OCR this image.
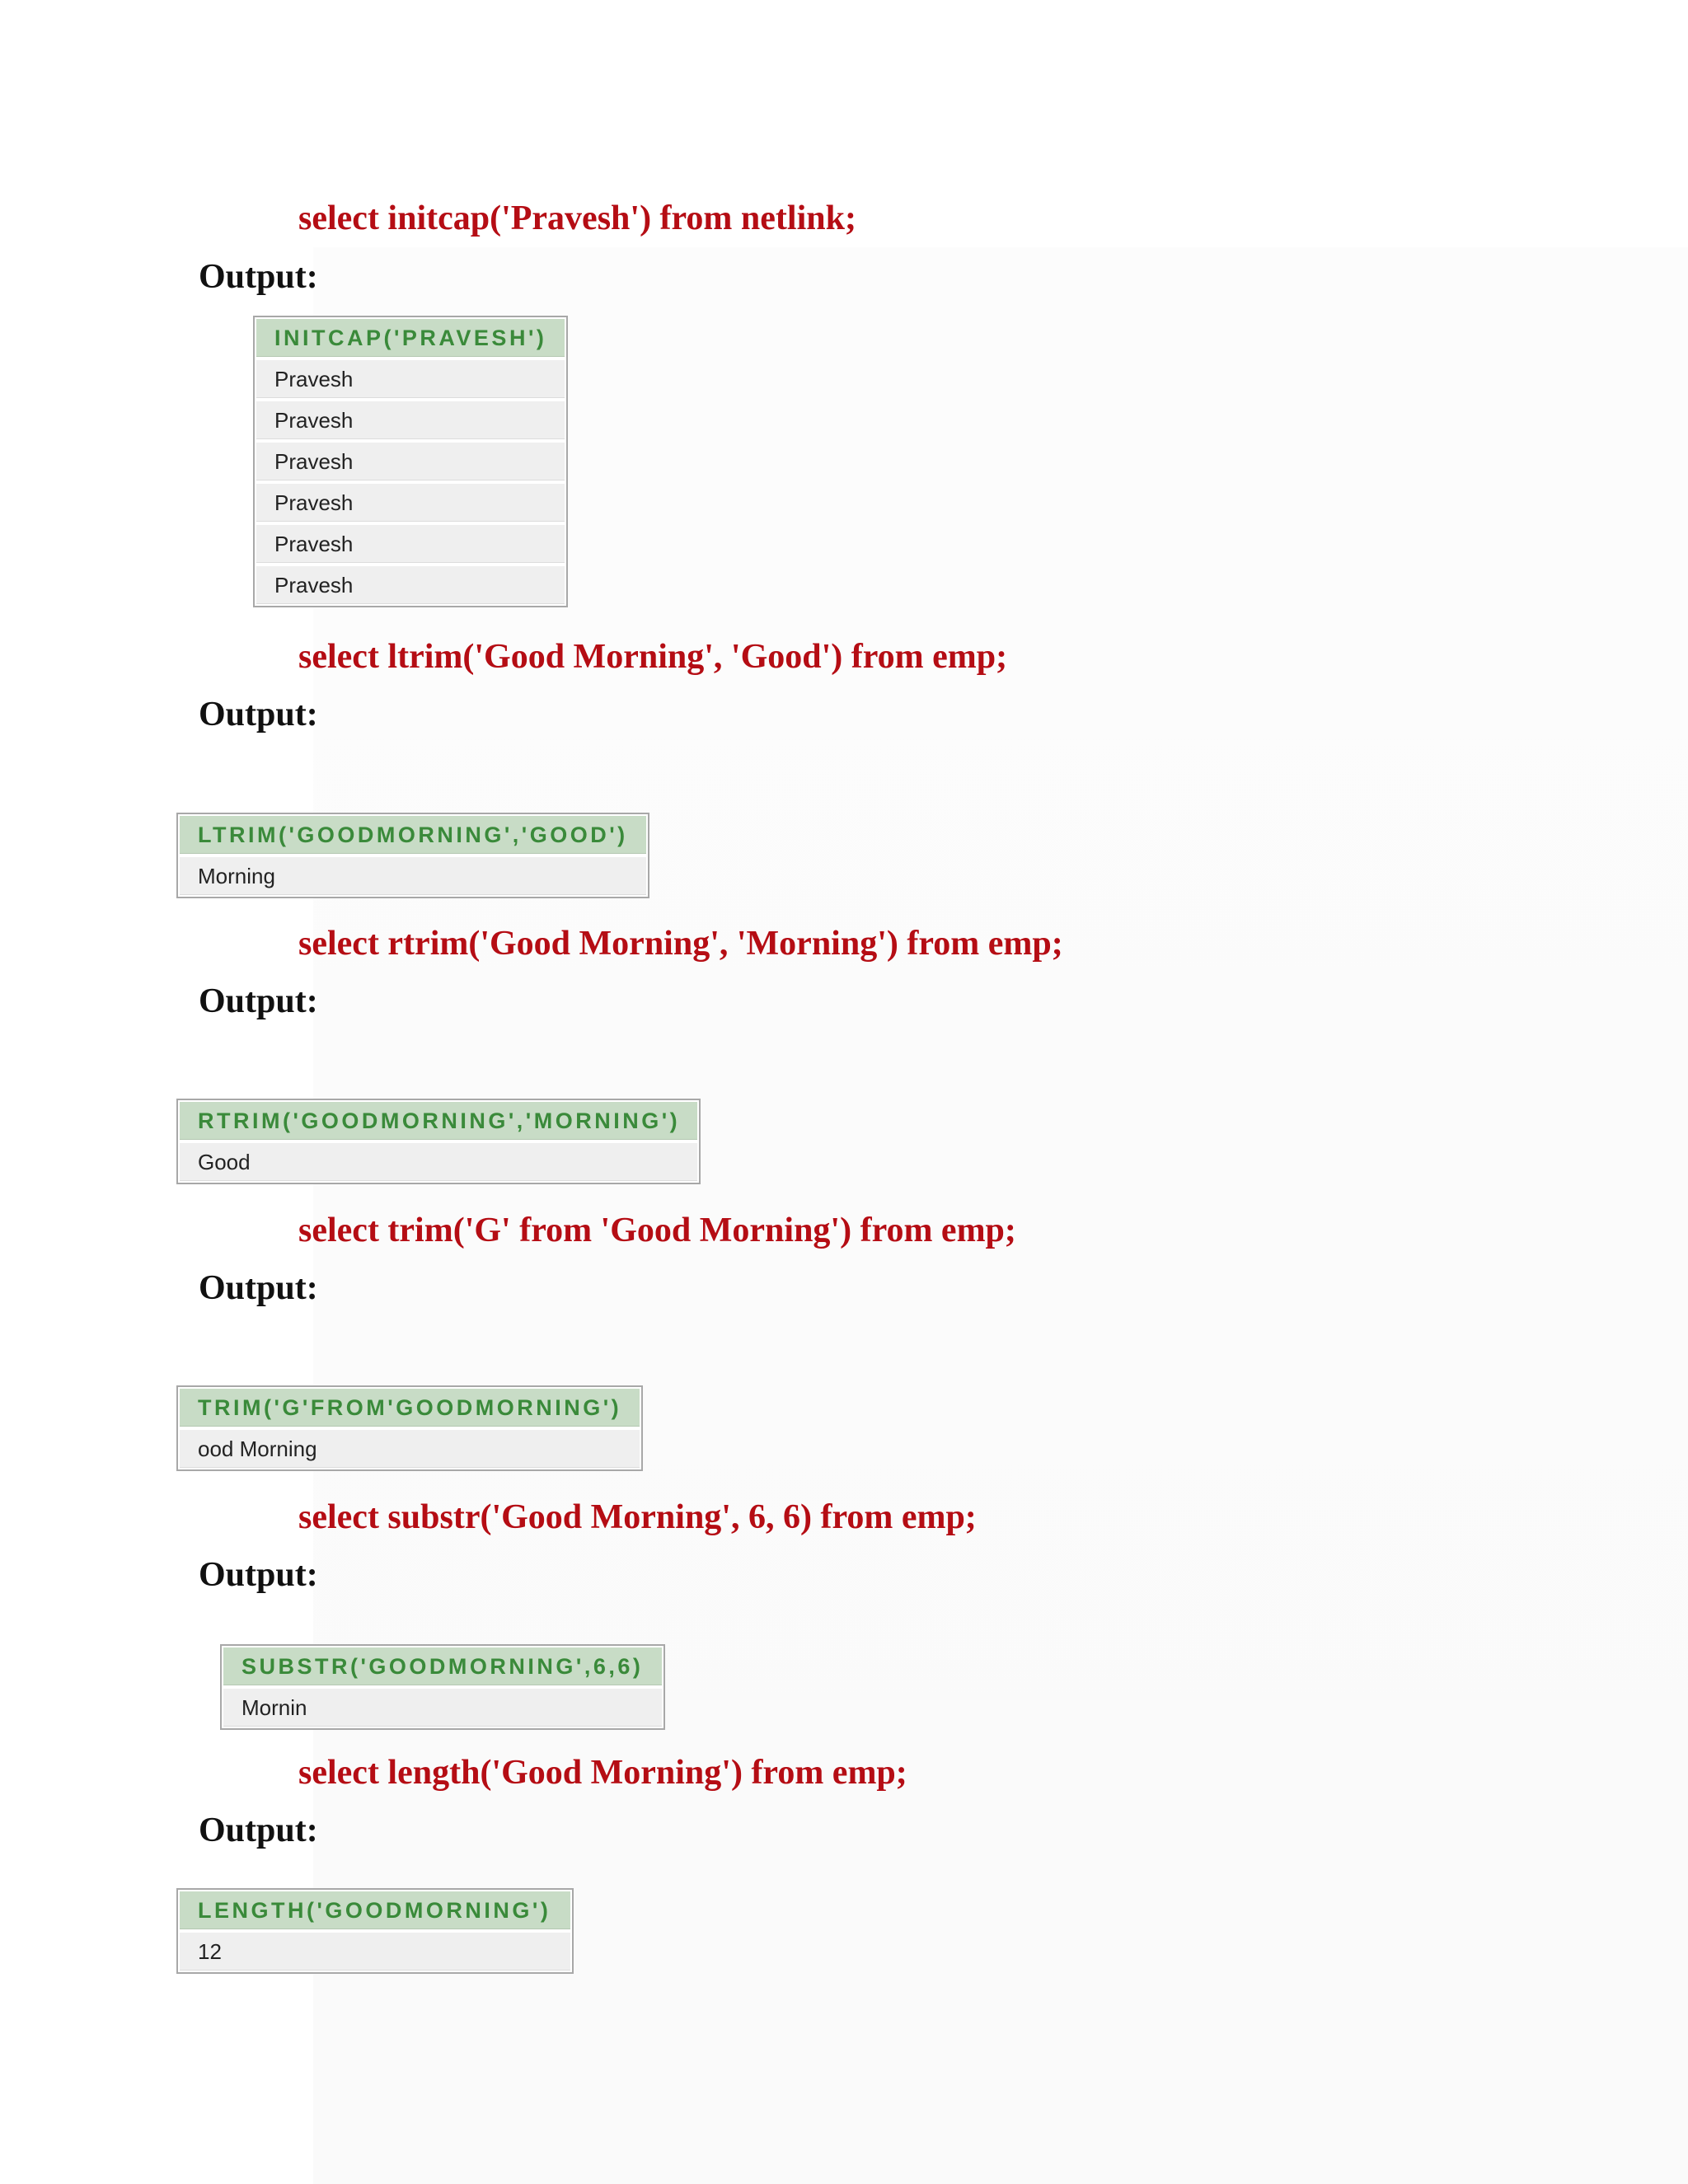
select initcap('Pravesh') from netlink;
Output:
INITCAP('PRAVESH')
Pravesh
Pravesh
Pravesh
Pravesh
Pravesh
Pravesh
select ltrim('Good Morning', 'Good') from emp;
Output:
LTRIM('GOODMORNING','GOOD')
Morning
select rtrim('Good Morning', 'Morning') from emp;
Output:
RTRIM('GOODMORNING','MORNING')
Good
select trim('G' from 'Good Morning') from emp;
Output:
TRIM('G'FROM'GOODMORNING')
ood Morning
select substr('Good Morning', 6, 6) from emp;
Output:
SUBSTR('GOODMORNING',6,6)
Mornin
select length('Good Morning') from emp;
Output:
LENGTH('GOODMORNING')
12
